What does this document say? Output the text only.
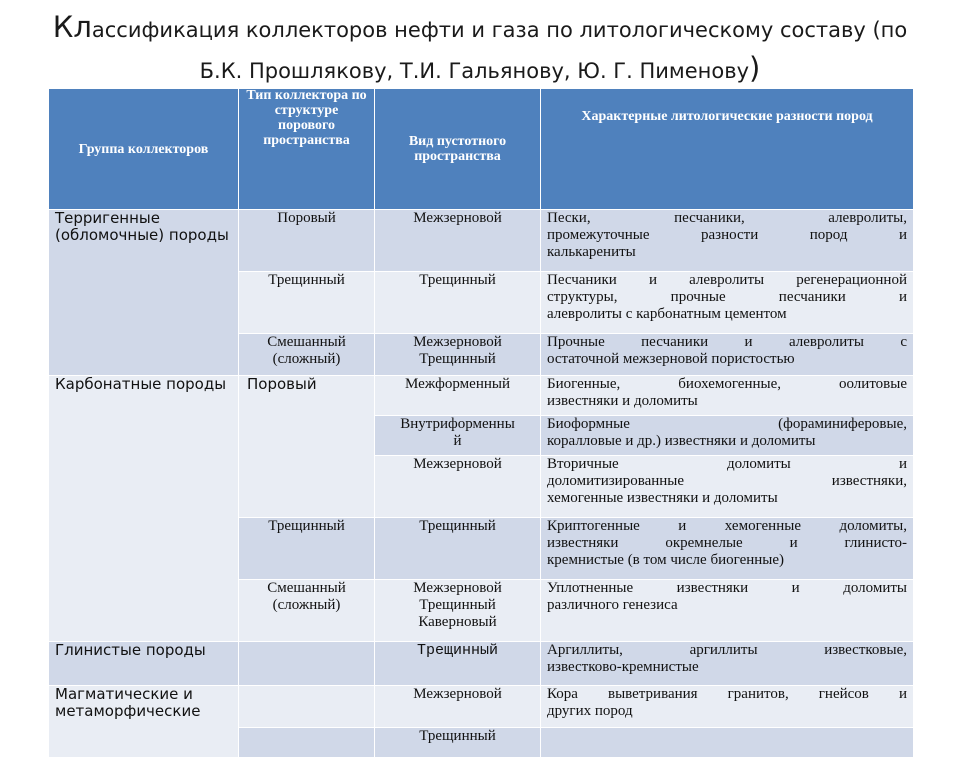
Классификация коллекторов нефти и газа по литологическому составу (по
Б.К. Прошлякову, Т.И. Гальянову, Ю. Г. Пименову)
Группа коллекторов	Тип коллектора по структуре порового пространства	Вид пустотного пространства	Характерные литологические разности пород

Терригенные (обломочные) породы	Поровый	Межзерновой	Пески, песчаники, алевролиты,
промежуточные разности пород и
калькарениты

	Трещинный	Трещинный	Песчаники и алевролиты регенерационной
структуры, прочные песчаники и
алевролиты с карбонатным цементом

	Смешанный
(сложный)	Межзерновой
Трещинный	Прочные песчаники и алевролиты с
остаточной межзерновой пористостью

Карбонатные породы	Поровый	Межформенный	Биогенные, биохемогенные, оолитовые
известняки и доломиты

		Внутриформенны
й	Биоформные (фораминиферовые,
коралловые и др.) известняки и доломиты

		Межзерновой	Вторичные доломиты и
доломитизированные известняки,
хемогенные известняки и доломиты

	Трещинный	Трещинный	Криптогенные и хемогенные доломиты,
известняки окремнелые и глинисто-
кремнистые (в том числе биогенные)

	Смешанный
(сложный)	Межзерновой
Трещинный
Каверновый	Уплотненные известняки и доломиты
различного генезиса

Глинистые породы		Трещинный	Аргиллиты, аргиллиты известковые,
известково-кремнистые

Магматические и
метаморфические		Межзерновой	Кора выветривания гранитов, гнейсов и
других пород

		Трещинный	
